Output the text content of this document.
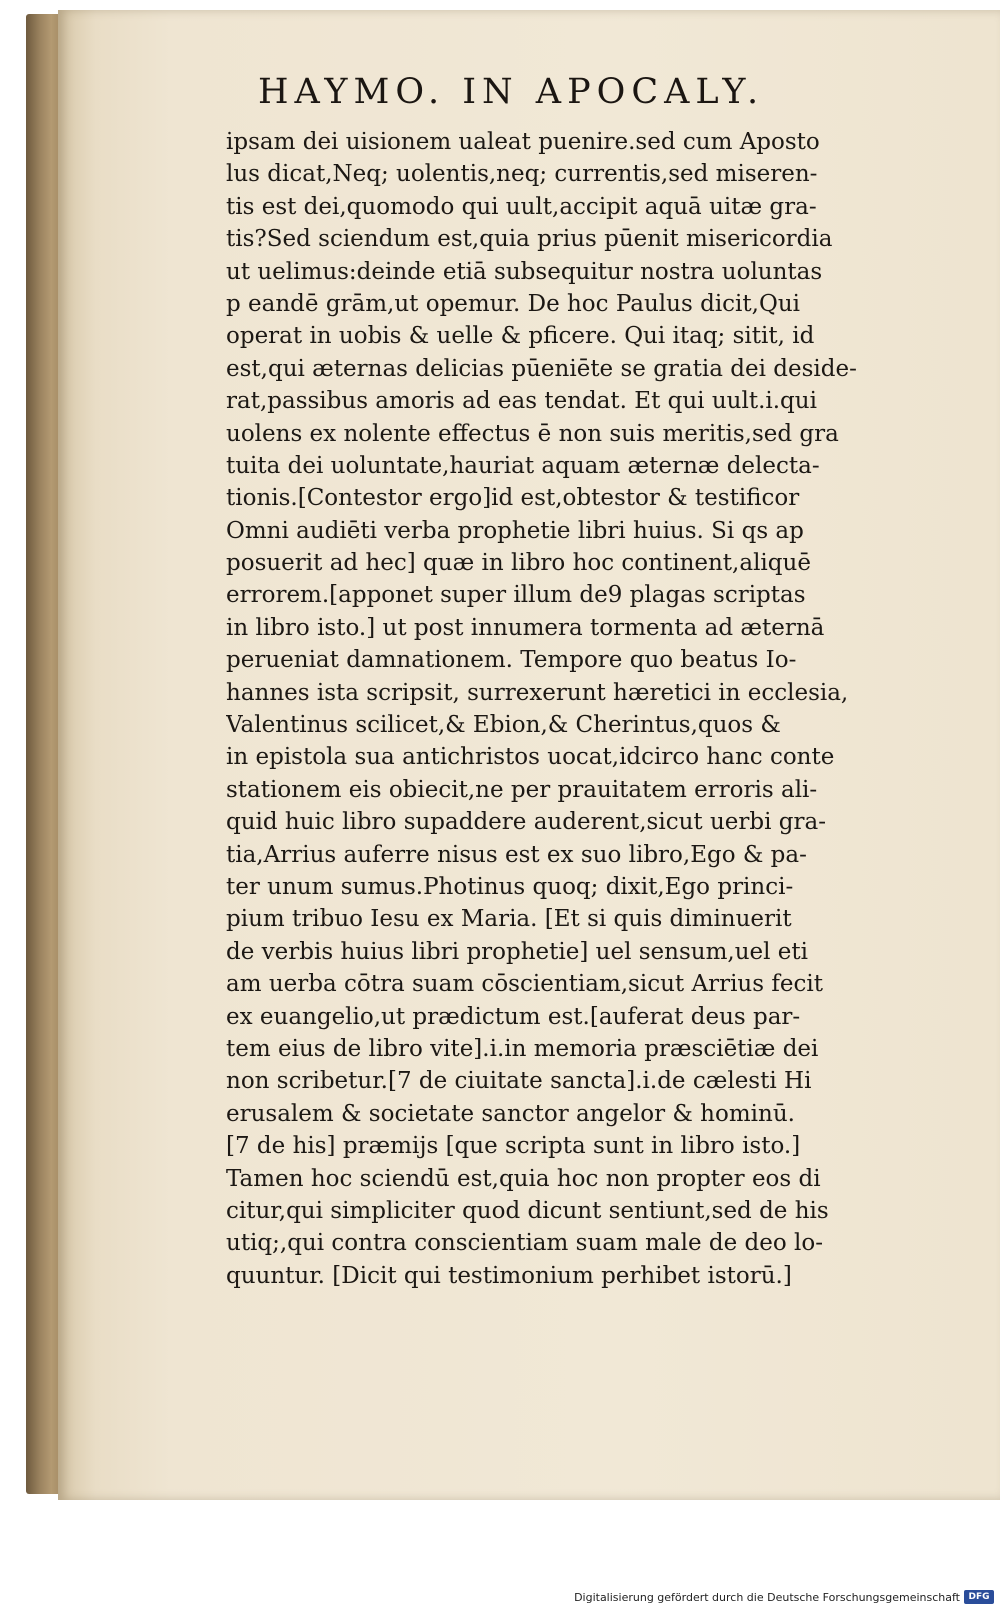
HAYMO. IN APOCALY.
ipsam dei uisionem ualeat puenire.sed cum Aposto
lus dicat,Neq; uolentis,neq; currentis,sed miseren-
tis est dei,quomodo qui uult,accipit aquā uitæ gra-
tis?Sed sciendum est,quia prius pūenit misericordia
ut uelimus:deinde etiā subsequitur nostra uoluntas
p eandē grām,ut opemur. De hoc Paulus dicit,Qui
operat in uobis & uelle & pficere. Qui itaq; sitit, id
est,qui æternas delicias pūeniēte se gratia dei deside-
rat,passibus amoris ad eas tendat. Et qui uult.i.qui
uolens ex nolente effectus ē non suis meritis,sed gra
tuita dei uoluntate,hauriat aquam æternæ delecta-
tionis.[Contestor ergo]id est,obtestor & testificor
Omni audiēti verba prophetie libri huius. Si qs ap
posuerit ad hec] quæ in libro hoc continent,aliquē
errorem.[apponet super illum de9 plagas scriptas
in libro isto.] ut post innumera tormenta ad æternā
perueniat damnationem. Tempore quo beatus Io-
hannes ista scripsit, surrexerunt hæretici in ecclesia,
Valentinus scilicet,& Ebion,& Cherintus,quos &
in epistola sua antichristos uocat,idcirco hanc conte
stationem eis obiecit,ne per prauitatem erroris ali-
quid huic libro supaddere auderent,sicut uerbi gra-
tia,Arrius auferre nisus est ex suo libro,Ego & pa-
ter unum sumus.Photinus quoq; dixit,Ego princi-
pium tribuo Iesu ex Maria. [Et si quis diminuerit
de verbis huius libri prophetie] uel sensum,uel eti
am uerba cōtra suam cōscientiam,sicut Arrius fecit
ex euangelio,ut prædictum est.[auferat deus par-
tem eius de libro vite].i.in memoria præsciētiæ dei
non scribetur.[7 de ciuitate sancta].i.de cælesti Hi
erusalem & societate sanctor angelor & hominū.
[7 de his] præmijs [que scripta sunt in libro isto.]
Tamen hoc sciendū est,quia hoc non propter eos di
citur,qui simpliciter quod dicunt sentiunt,sed de his
utiq;,qui contra conscientiam suam male de deo lo-
quuntur. [Dicit qui testimonium perhibet istorū.]
Digitalisierung gefördert durch die Deutsche Forschungsgemeinschaft DFG
